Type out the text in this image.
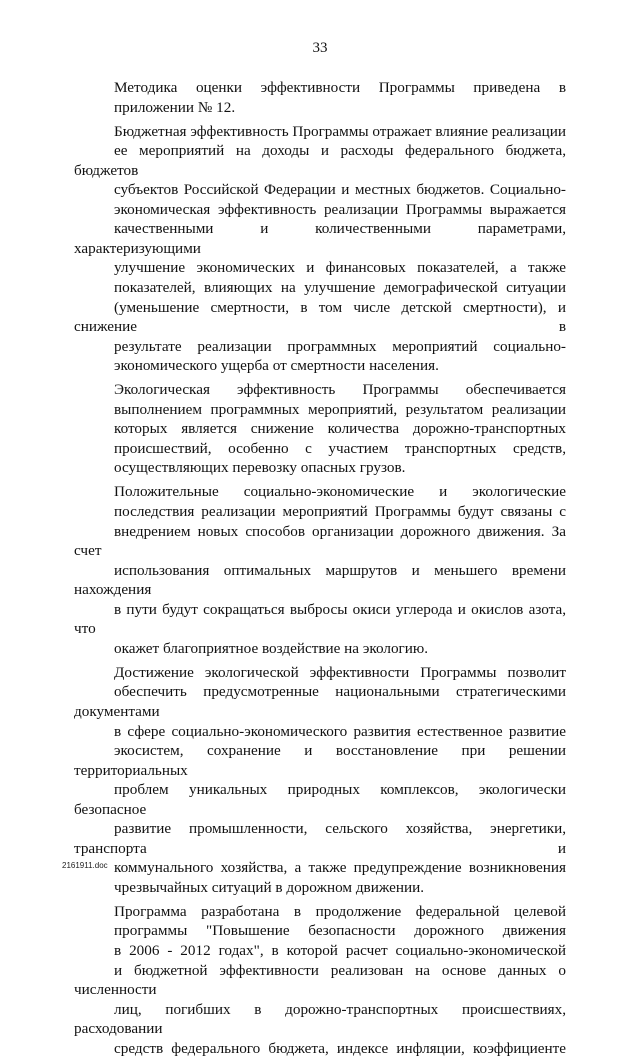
33

Методика оценки эффективности Программы приведена в
приложении № 12.

Бюджетная эффективность Программы отражает влияние реализации
ее мероприятий на доходы и расходы федерального бюджета, бюджетов
субъектов Российской Федерации и местных бюджетов. Социально-
экономическая эффективность реализации Программы выражается
качественными и количественными параметрами, характеризующими
улучшение экономических и финансовых показателей, а также
показателей, влияющих на улучшение демографической ситуации
(уменьшение смертности, в том числе детской смертности), и снижение в
результате реализации программных мероприятий социально-
экономического ущерба от смертности населения.

Экологическая эффективность Программы обеспечивается
выполнением программных мероприятий, результатом реализации
которых является снижение количества дорожно-транспортных
происшествий, особенно с участием транспортных средств,
осуществляющих перевозку опасных грузов.

Положительные социально-экономические и экологические
последствия реализации мероприятий Программы будут связаны с
внедрением новых способов организации дорожного движения. За счет
использования оптимальных маршрутов и меньшего времени нахождения
в пути будут сокращаться выбросы окиси углерода и окислов азота, что
окажет благоприятное воздействие на экологию.

Достижение экологической эффективности Программы позволит
обеспечить предусмотренные национальными стратегическими документами
в сфере социально-экономического развития естественное развитие
экосистем, сохранение и восстановление при решении территориальных
проблем уникальных природных комплексов, экологически безопасное
развитие промышленности, сельского хозяйства, энергетики, транспорта и
коммунального хозяйства, а также предупреждение возникновения
чрезвычайных ситуаций в дорожном движении.

Программа разработана в продолжение федеральной целевой
программы "Повышение безопасности дорожного движения
в 2006 - 2012 годах", в которой расчет социально-экономической
и бюджетной эффективности реализован на основе данных о численности
лиц, погибших в дорожно-транспортных происшествиях, расходовании
средств федерального бюджета, индексе инфляции, коэффициенте

2161911.doc
